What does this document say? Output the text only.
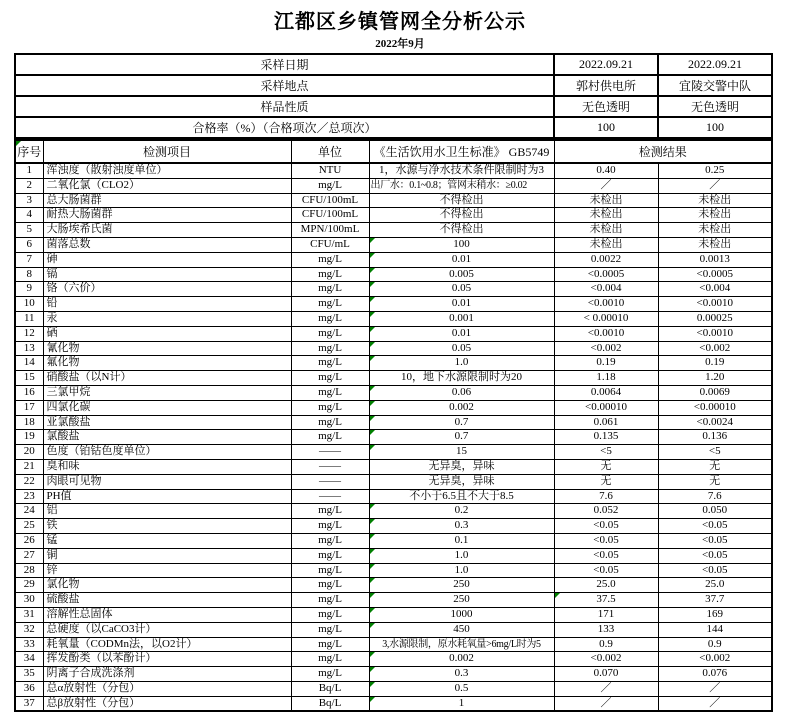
江都区乡镇管网全分析公示
2022年9月
采样日期	2022.09.21	2022.09.21
采样地点	郭村供电所	宜陵交警中队
样品性质	无色透明	无色透明
合格率（%）（合格项次／总项次）	100	100
序号	检测项目	单位	《生活饮用水卫生标准》 GB5749	检测结果	
1	浑浊度（散射浊度单位）	NTU	1，水源与净水技术条件限制时为3	0.40	0.25
2	二氧化氯（CLO2）	mg/L	出厂水：0.1~0.8；管网末稍水：≥0.02	／	／
3	总大肠菌群	CFU/100mL	不得检出	未检出	未检出
4	耐热大肠菌群	CFU/100mL	不得检出	未检出	未检出
5	大肠埃希氏菌	MPN/100mL	不得检出	未检出	未检出
6	菌落总数	CFU/mL	100	未检出	未检出
7	砷	mg/L	0.01	0.0022	0.0013
8	镉	mg/L	0.005	<0.0005	<0.0005
9	铬（六价）	mg/L	0.05	<0.004	<0.004
10	铅	mg/L	0.01	<0.0010	<0.0010
11	汞	mg/L	0.001	< 0.00010	0.00025
12	硒	mg/L	0.01	<0.0010	<0.0010
13	氰化物	mg/L	0.05	<0.002	<0.002
14	氟化物	mg/L	1.0	0.19	0.19
15	硝酸盐（以N计）	mg/L	10，地下水源限制时为20	1.18	1.20
16	三氯甲烷	mg/L	0.06	0.0064	0.0069
17	四氯化碳	mg/L	0.002	<0.00010	<0.00010
18	亚氯酸盐	mg/L	0.7	0.061	<0.0024
19	氯酸盐	mg/L	0.7	0.135	0.136
20	色度（铂钴色度单位）	——	15	<5	<5
21	臭和味	——	无异臭，异味	无	无
22	肉眼可见物	——	无异臭，异味	无	无
23	PH值	——	不小于6.5且不大于8.5	7.6	7.6
24	铝	mg/L	0.2	0.052	0.050
25	铁	mg/L	0.3	<0.05	<0.05
26	锰	mg/L	0.1	<0.05	<0.05
27	铜	mg/L	1.0	<0.05	<0.05
28	锌	mg/L	1.0	<0.05	<0.05
29	氯化物	mg/L	250	25.0	25.0
30	硫酸盐	mg/L	250	37.5	37.7
31	溶解性总固体	mg/L	1000	171	169
32	总硬度（以CaCO3计）	mg/L	450	133	144
33	耗氧量（CODMn法，以O2计）	mg/L	3,水源限制，原水耗氧量>6mg/L时为5	0.9	0.9
34	挥发酚类（以苯酚计）	mg/L	0.002	<0.002	<0.002
35	阴离子合成洗涤剂	mg/L	0.3	0.070	0.076
36	总α放射性（分包）	Bq/L	0.5	／	／
37	总β放射性（分包）	Bq/L	1	／	／
